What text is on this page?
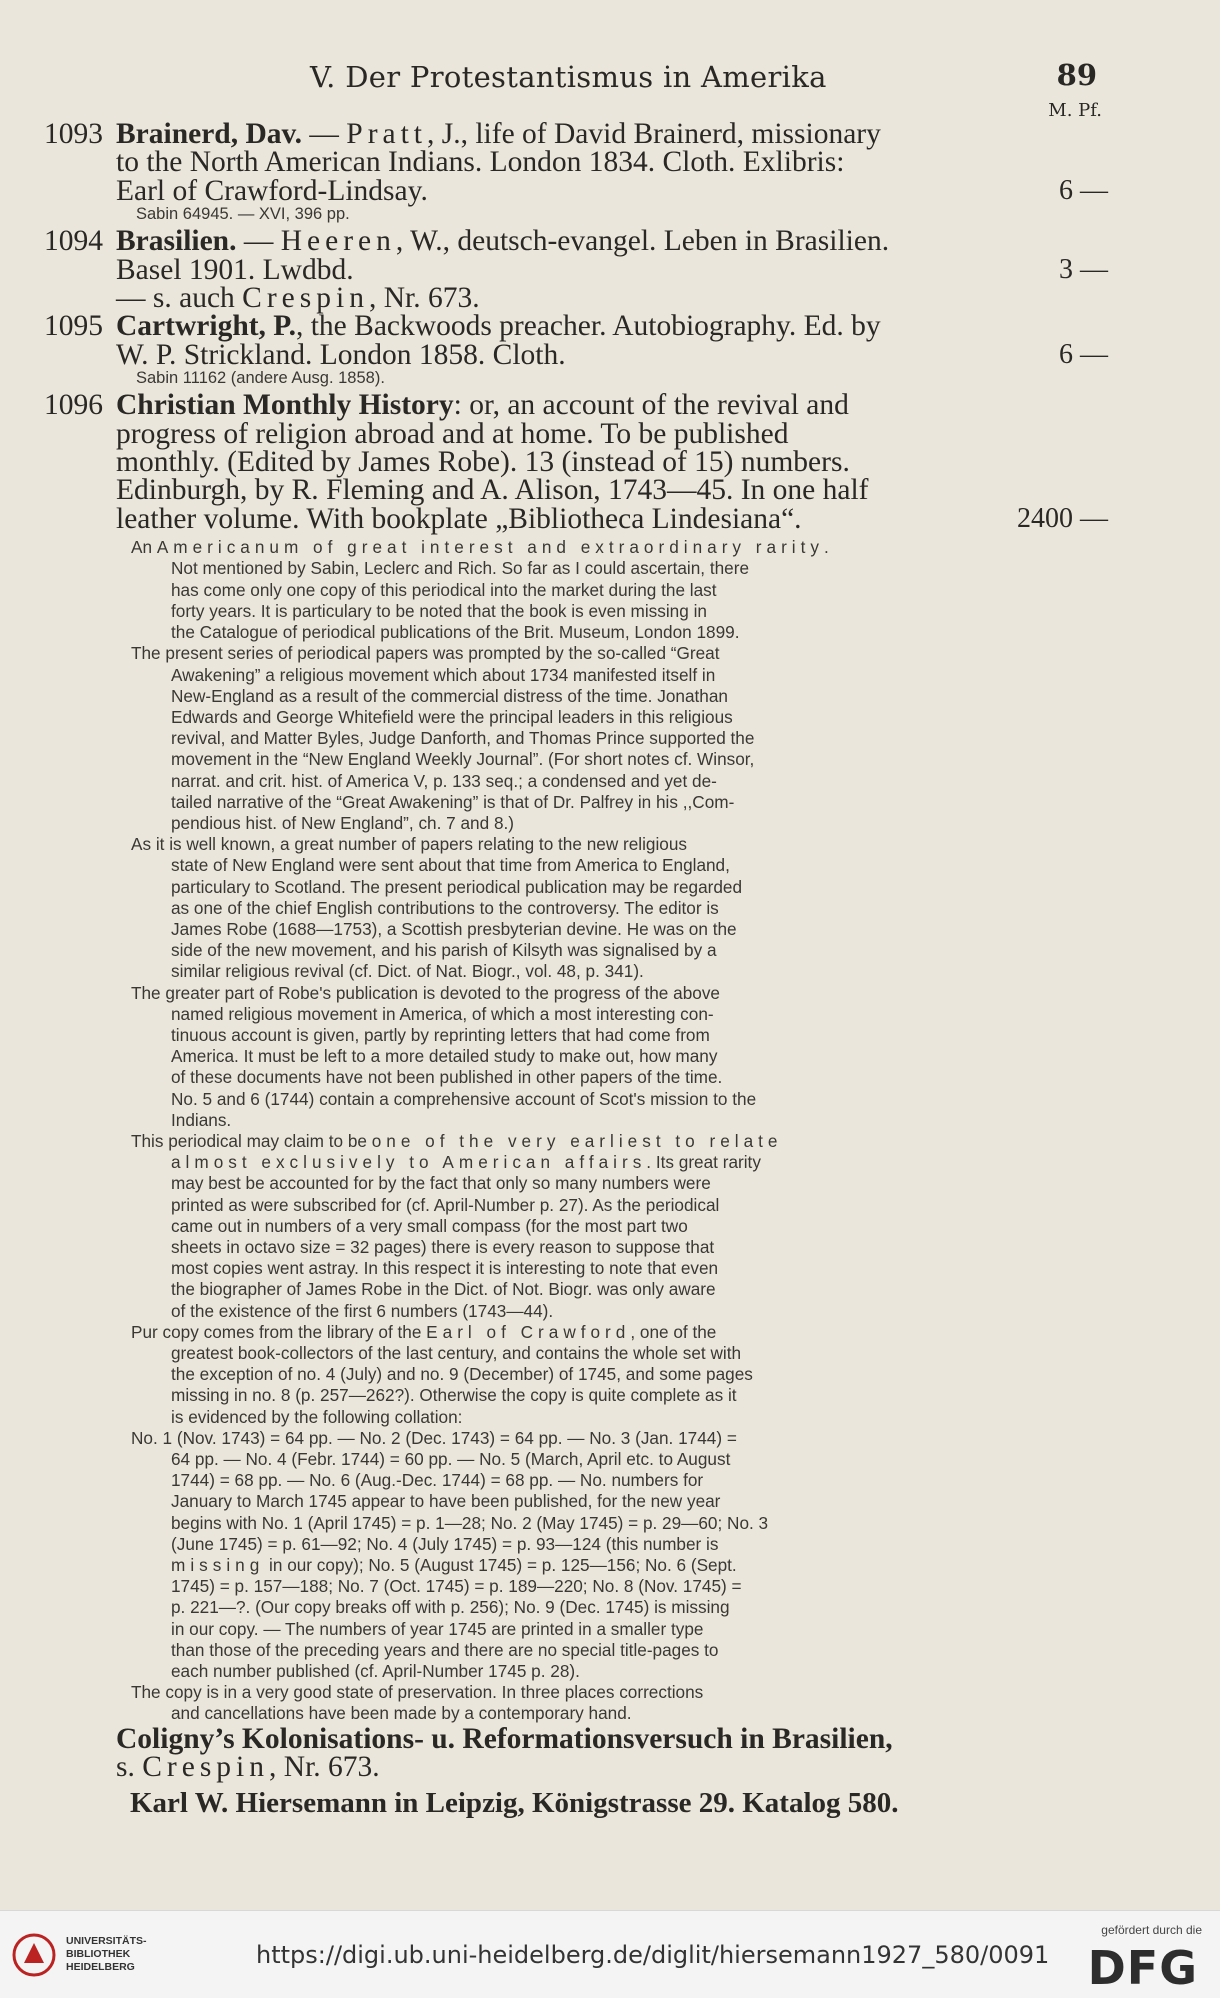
V. Der Protestantismus in Amerika	89
M. Pf.
1093 Brainerd, Dav. — Pratt, J., life of David Brainerd, missionary
to the North American Indians. London 1834. Cloth. Exlibris:
Earl of Crawford-Lindsay.	6 —
Sabin 64945. — XVI, 396 pp.
1094 Brasilien. — Heeren, W., deutsch-evangel. Leben in Brasilien.
Basel 1901. Lwdbd.	3 —
— s. auch Crespin, Nr. 673.
1095 Cartwright, P., the Backwoods preacher. Autobiography. Ed. by
W. P. Strickland. London 1858. Cloth.	6 —
Sabin 11162 (andere Ausg. 1858).
1096 Christian Monthly History: or, an account of the revival and
progress of religion abroad and at home. To be published
monthly. (Edited by James Robe). 13 (instead of 15) numbers.
Edinburgh, by R. Fleming and A. Alison, 1743—45. In one half
leather volume. With bookplate „Bibliotheca Lindesiana“.	2400 —
An Americanum of great interest and extraordinary rarity.
Not mentioned by Sabin, Leclerc and Rich. So far as I could ascertain, there
has come only one copy of this periodical into the market during the last
forty years. It is particulary to be noted that the book is even missing in
the Catalogue of periodical publications of the Brit. Museum, London 1899.
The present series of periodical papers was prompted by the so-called “Great
Awakening” a religious movement which about 1734 manifested itself in
New-England as a result of the commercial distress of the time. Jonathan
Edwards and George Whitefield were the principal leaders in this religious
revival, and Matter Byles, Judge Danforth, and Thomas Prince supported the
movement in the “New England Weekly Journal”. (For short notes cf. Winsor,
narrat. and crit. hist. of America V, p. 133 seq.; a condensed and yet de-
tailed narrative of the “Great Awakening” is that of Dr. Palfrey in his ,,Com-
pendious hist. of New England”, ch. 7 and 8.)
As it is well known, a great number of papers relating to the new religious
state of New England were sent about that time from America to England,
particulary to Scotland. The present periodical publication may be regarded
as one of the chief English contributions to the controversy. The editor is
James Robe (1688—1753), a Scottish presbyterian devine. He was on the
side of the new movement, and his parish of Kilsyth was signalised by a
similar religious revival (cf. Dict. of Nat. Biogr., vol. 48, p. 341).
The greater part of Robe's publication is devoted to the progress of the above
named religious movement in America, of which a most interesting con-
tinuous account is given, partly by reprinting letters that had come from
America. It must be left to a more detailed study to make out, how many
of these documents have not been published in other papers of the time.
No. 5 and 6 (1744) contain a comprehensive account of Scot's mission to the
Indians.
This periodical may claim to be one of the very earliest to relate
almost exclusively to American affairs. Its great rarity
may best be accounted for by the fact that only so many numbers were
printed as were subscribed for (cf. April-Number p. 27). As the periodical
came out in numbers of a very small compass (for the most part two
sheets in octavo size = 32 pages) there is every reason to suppose that
most copies went astray. In this respect it is interesting to note that even
the biographer of James Robe in the Dict. of Not. Biogr. was only aware
of the existence of the first 6 numbers (1743—44).
Pur copy comes from the library of the Earl of Crawford, one of the
greatest book-collectors of the last century, and contains the whole set with
the exception of no. 4 (July) and no. 9 (December) of 1745, and some pages
missing in no. 8 (p. 257—262?). Otherwise the copy is quite complete as it
is evidenced by the following collation:
No. 1 (Nov. 1743) = 64 pp. — No. 2 (Dec. 1743) = 64 pp. — No. 3 (Jan. 1744) =
64 pp. — No. 4 (Febr. 1744) = 60 pp. — No. 5 (March, April etc. to August
1744) = 68 pp. — No. 6 (Aug.-Dec. 1744) = 68 pp. — No. numbers for
January to March 1745 appear to have been published, for the new year
begins with No. 1 (April 1745) = p. 1—28; No. 2 (May 1745) = p. 29—60; No. 3
(June 1745) = p. 61—92; No. 4 (July 1745) = p. 93—124 (this number is
missing in our copy); No. 5 (August 1745) = p. 125—156; No. 6 (Sept.
1745) = p. 157—188; No. 7 (Oct. 1745) = p. 189—220; No. 8 (Nov. 1745) =
p. 221—?. (Our copy breaks off with p. 256); No. 9 (Dec. 1745) is missing
in our copy. — The numbers of year 1745 are printed in a smaller type
than those of the preceding years and there are no special title-pages to
each number published (cf. April-Number 1745 p. 28).
The copy is in a very good state of preservation. In three places corrections
and cancellations have been made by a contemporary hand.
Coligny’s Kolonisations- u. Reformationsversuch in Brasilien,
s. Crespin, Nr. 673.
Karl W. Hiersemann in Leipzig, Königstrasse 29. Katalog 580.
UNIVERSITÄTS-
BIBLIOTHEK
HEIDELBERG	https://digi.ub.uni-heidelberg.de/diglit/hiersemann1927_580/0091
gefördert durch die
DFG
